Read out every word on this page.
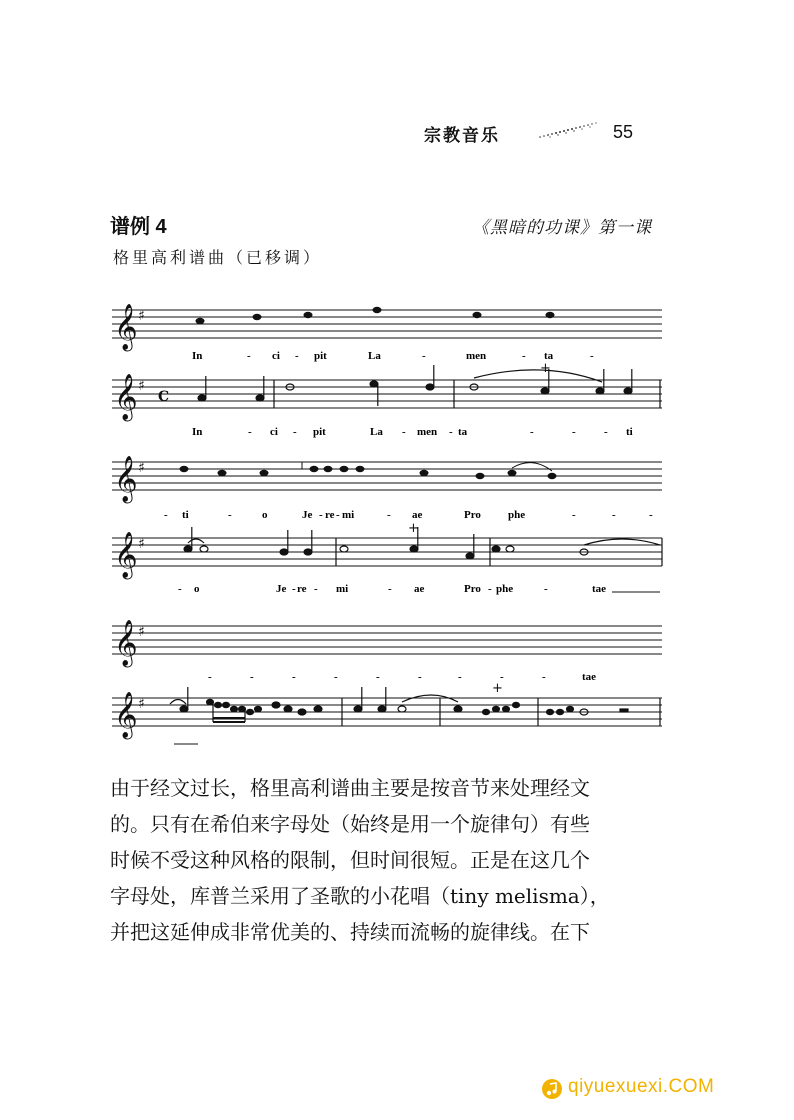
宗教音乐	55
谱例 4	《黑暗的功课》第一课
格里高利谱曲（已移调）
♯
In	- ci - pit	La	-	men	- ta	-
C
+
In	- ci - pit	La - men - ta	-	-	- ti
- ti	-	o	Je - re - mi	- ae	Pro phe	-	-	-
+
- o	Je - re - mi	- ae	Pro - phe	-	tae
-	-	-	-	-	-	-	-	-	tae
+
由于经文过长，格里高利谱曲主要是按音节来处理经文
的。只有在希伯来字母处（始终是用一个旋律句）有些
时候不受这种风格的限制，但时间很短。正是在这几个
字母处，库普兰采用了圣歌的小花唱（tiny melisma），
并把这延伸成非常优美的、持续而流畅的旋律线。在下
qiyuexuexi.COM
